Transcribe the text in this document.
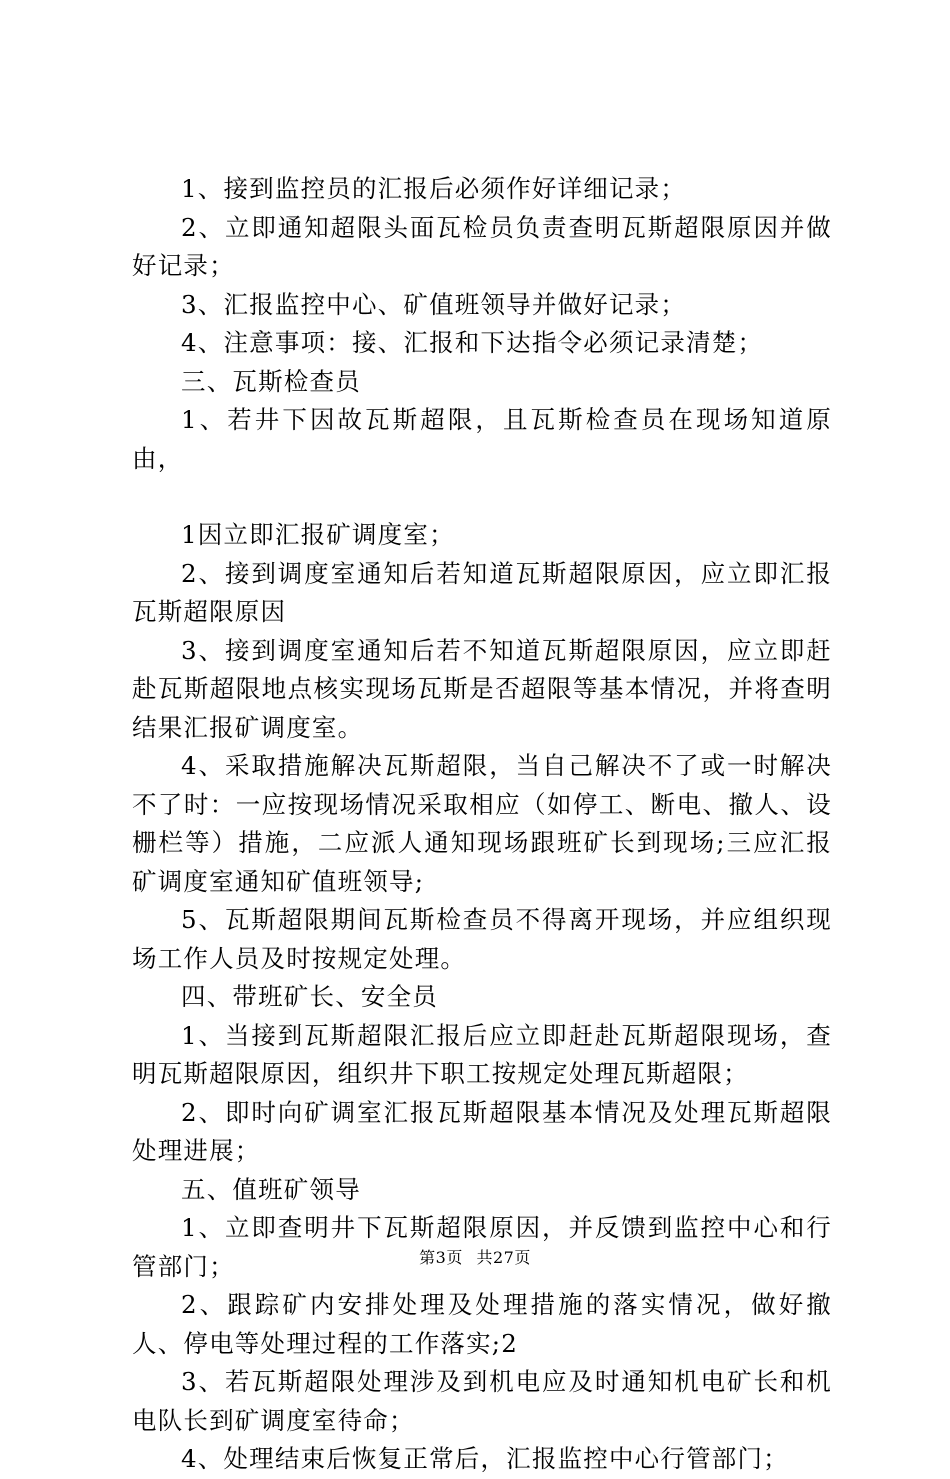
1、接到监控员的汇报后必须作好详细记录；

2、立即通知超限头面瓦检员负责查明瓦斯超限原因并做好记录；

3、汇报监控中心、矿值班领导并做好记录；

4、注意事项：接、汇报和下达指令必须记录清楚；

三、瓦斯检查员

1、若井下因故瓦斯超限，且瓦斯检查员在现场知道原由，

1因立即汇报矿调度室；

2、接到调度室通知后若知道瓦斯超限原因，应立即汇报瓦斯超限原因

3、接到调度室通知后若不知道瓦斯超限原因，应立即赶赴瓦斯超限地点核实现场瓦斯是否超限等基本情况，并将查明结果汇报矿调度室。

4、采取措施解决瓦斯超限，当自己解决不了或一时解决不了时：一应按现场情况采取相应（如停工、断电、撤人、设栅栏等）措施，二应派人通知现场跟班矿长到现场;三应汇报矿调度室通知矿值班领导;

5、瓦斯超限期间瓦斯检查员不得离开现场，并应组织现场工作人员及时按规定处理。

四、带班矿长、安全员

1、当接到瓦斯超限汇报后应立即赶赴瓦斯超限现场，查明瓦斯超限原因，组织井下职工按规定处理瓦斯超限；

2、即时向矿调室汇报瓦斯超限基本情况及处理瓦斯超限处理进展；

五、值班矿领导

1、立即查明井下瓦斯超限原因，并反馈到监控中心和行管部门；

2、跟踪矿内安排处理及处理措施的落实情况，做好撤人、停电等处理过程的工作落实;2

3、若瓦斯超限处理涉及到机电应及时通知机电矿长和机电队长到矿调度室待命；

4、处理结束后恢复正常后，汇报监控中心行管部门；

第3页 共27页
